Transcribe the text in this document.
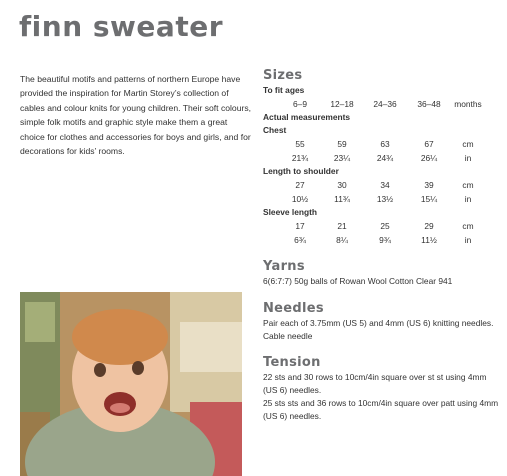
finn sweater
The beautiful motifs and patterns of northern Europe have provided the inspiration for Martin Storey’s collection of cables and colour knits for young children. Their soft colours, simple folk motifs and graphic style make them a great choice for clothes and accessories for boys and girls, and for decorations for kids’ rooms.
Sizes
To fit ages
6–9	12–18	24–36	36–48	months
Actual measurements
Chest
55	59	63	67	cm
21¾	23¼	24¾	26¼	in
Length to shoulder
27	30	34	39	cm
10½	11¾	13½	15¼	in
Sleeve length
17	21	25	29	cm
6¾	8¼	9¾	11½	in
Yarns
6(6:7:7) 50g balls of Rowan Wool Cotton Clear 941
Needles
Pair each of 3.75mm (US 5) and 4mm (US 6) knitting needles.
Cable needle
Tension
22 sts and 30 rows to 10cm/4in square over st st using 4mm (US 6) needles.
25 sts sts and 36 rows to 10cm/4in square over patt using 4mm (US 6) needles.
